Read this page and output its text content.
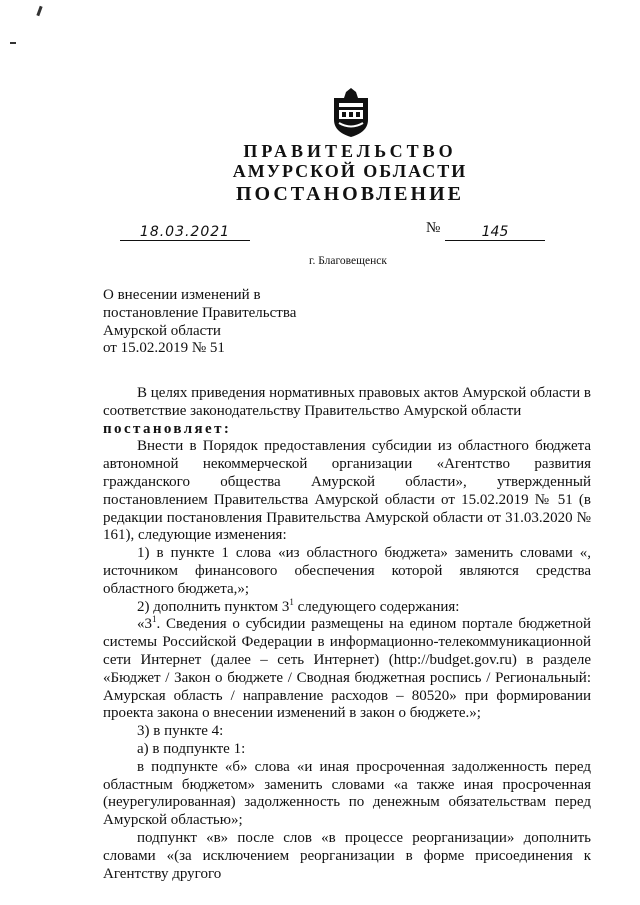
ПРАВИТЕЛЬСТВО
АМУРСКОЙ ОБЛАСТИ
ПОСТАНОВЛЕНИЕ
18.03.2021	№	145
г. Благовещенск
О внесении изменений в
постановление Правительства
Амурской области
от 15.02.2019 № 51

В целях приведения нормативных правовых актов Амурской области в соответствие законодательству Правительство Амурской области

постановляет:

Внести в Порядок предоставления субсидии из областного бюджета автономной некоммерческой организации «Агентство развития гражданского общества Амурской области», утвержденный постановлением Правительства Амурской области от 15.02.2019 № 51 (в редакции постановления Правительства Амурской области от 31.03.2020 № 161), следующие изменения:

1) в пункте 1 слова «из областного бюджета» заменить словами «, источником финансового обеспечения которой являются средства областного бюджета,»;

2) дополнить пунктом $3^1$ следующего содержания:

«$3^1$. Сведения о субсидии размещены на едином портале бюджетной системы Российской Федерации в информационно-телекоммуникационной сети Интернет (далее – сеть Интернет) (http://budget.gov.ru) в разделе «Бюджет / Закон о бюджете / Сводная бюджетная роспись / Региональный: Амурская область / направление расходов – 80520» при формировании проекта закона о внесении изменений в закон о бюджете.»;

3) в пункте 4:

а) в подпункте 1:

в подпункте «б» слова «и иная просроченная задолженность перед областным бюджетом» заменить словами «а также иная просроченная (неурегулированная) задолженность по денежным обязательствам перед Амурской областью»;

подпункт «в» после слов «в процессе реорганизации» дополнить словами «(за исключением реорганизации в форме присоединения к Агентству другого
